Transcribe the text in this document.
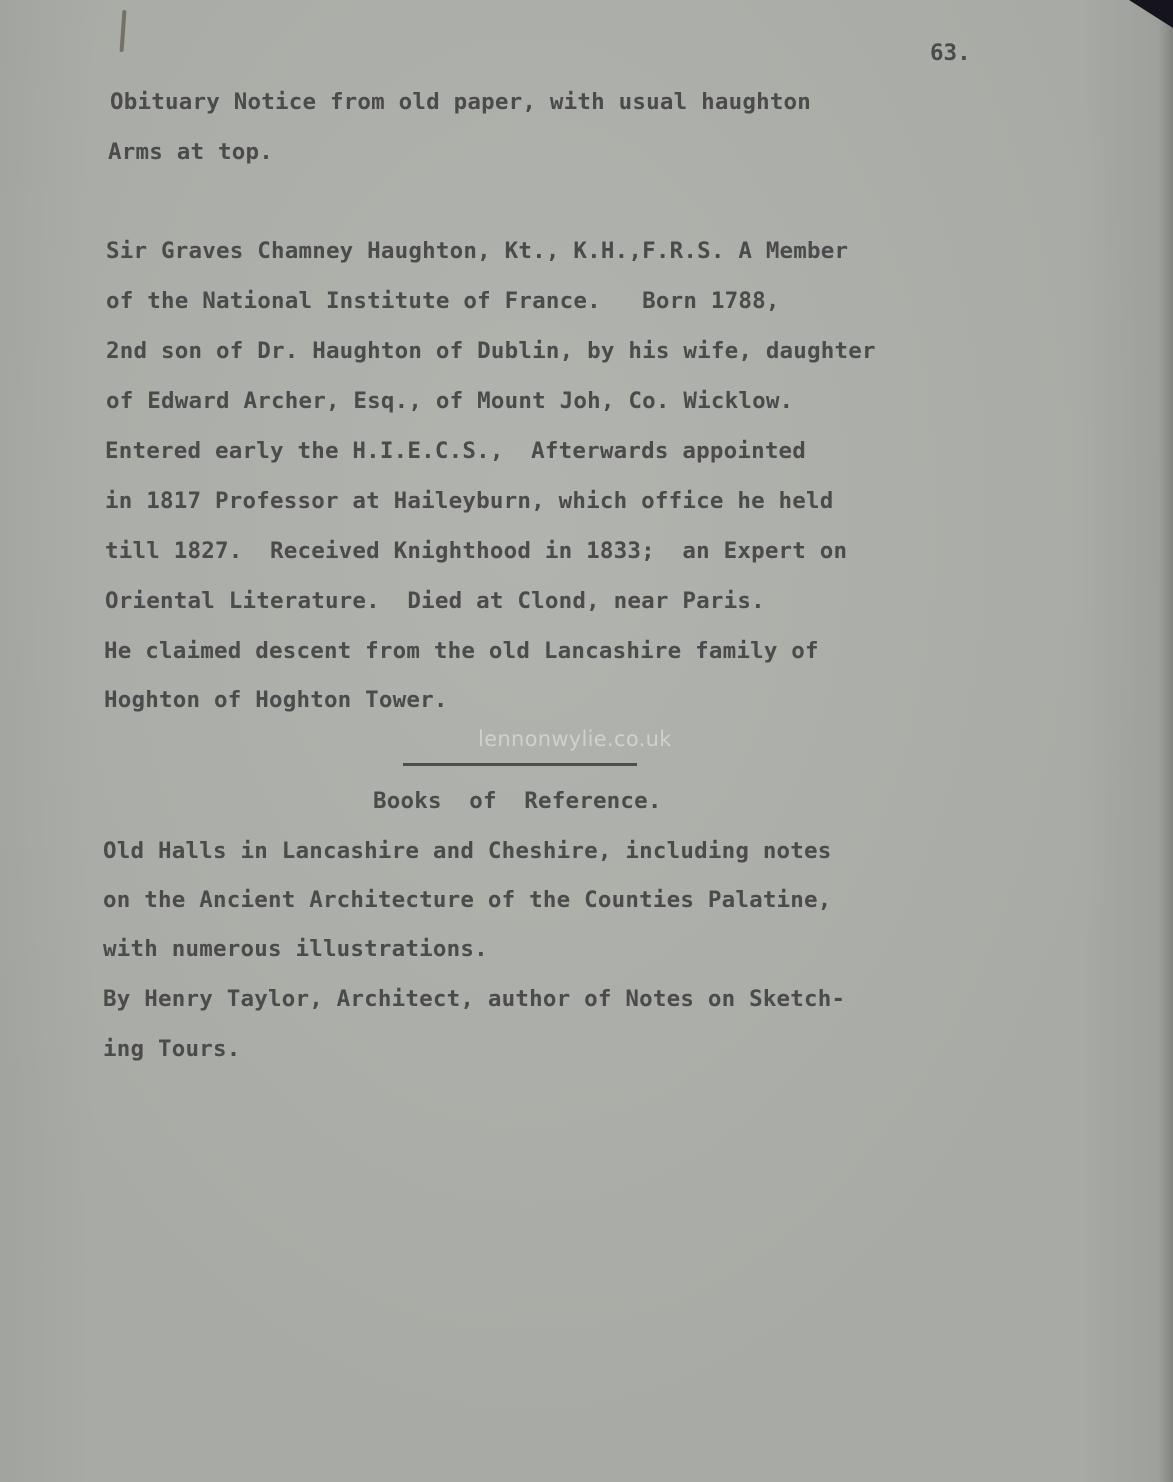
63.
Obituary Notice from old paper, with usual haughton
Arms at top.
Sir Graves Chamney Haughton, Kt., K.H.,F.R.S. A Member
of the National Institute of France.   Born 1788,
2nd son of Dr. Haughton of Dublin, by his wife, daughter
of Edward Archer, Esq., of Mount Joh, Co. Wicklow.
Entered early the H.I.E.C.S.,  Afterwards appointed
in 1817 Professor at Haileyburn, which office he held
till 1827.  Received Knighthood in 1833;  an Expert on
Oriental Literature.  Died at Clond, near Paris.
He claimed descent from the old Lancashire family of
Hoghton of Hoghton Tower.
lennonwylie.co.uk
Books  of  Reference.
Old Halls in Lancashire and Cheshire, including notes
on the Ancient Architecture of the Counties Palatine,
with numerous illustrations.
By Henry Taylor, Architect, author of Notes on Sketch-
ing Tours.
